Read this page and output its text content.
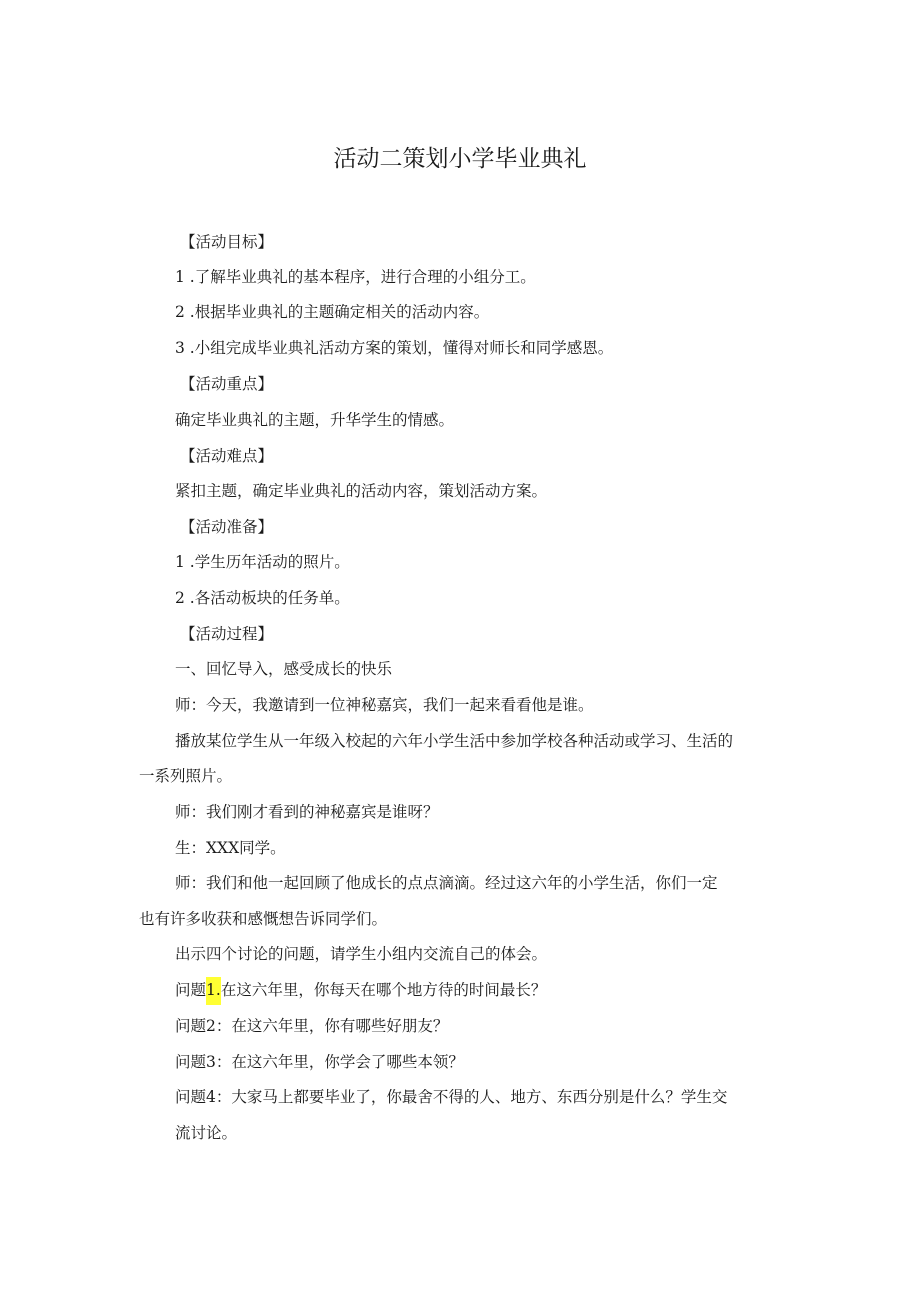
活动二策划小学毕业典礼
【活动目标】
1 .了解毕业典礼的基本程序，进行合理的小组分工。
2 .根据毕业典礼的主题确定相关的活动内容。
3 .小组完成毕业典礼活动方案的策划，懂得对师长和同学感恩。
【活动重点】
确定毕业典礼的主题，升华学生的情感。
【活动难点】
紧扣主题，确定毕业典礼的活动内容，策划活动方案。
【活动准备】
1 .学生历年活动的照片。
2 .各活动板块的任务单。
【活动过程】
一、回忆导入，感受成长的快乐
师：今天，我邀请到一位神秘嘉宾，我们一起来看看他是谁。
播放某位学生从一年级入校起的六年小学生活中参加学校各种活动或学习、生活的
一系列照片。
师：我们刚才看到的神秘嘉宾是谁呀？
生：XXX同学。
师：我们和他一起回顾了他成长的点点滴滴。经过这六年的小学生活，你们一定
也有许多收获和感慨想告诉同学们。
出示四个讨论的问题，请学生小组内交流自己的体会。
问题1.在这六年里，你每天在哪个地方待的时间最长？
问题2：在这六年里，你有哪些好朋友？
问题3：在这六年里，你学会了哪些本领？
问题4：大家马上都要毕业了，你最舍不得的人、地方、东西分别是什么？学生交
流讨论。
